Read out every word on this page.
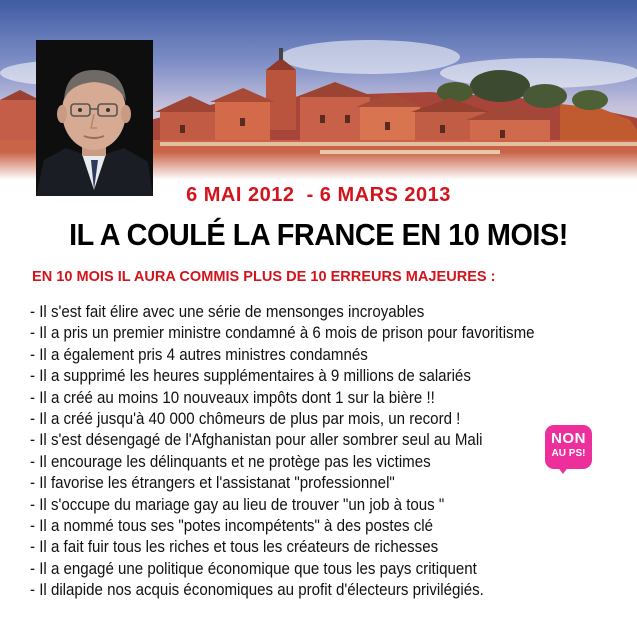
6 MAI 2012  - 6 MARS 2013
IL A COULÉ LA FRANCE EN 10 MOIS!
EN 10 MOIS IL AURA COMMIS PLUS DE 10 ERREURS MAJEURES :
- Il s'est fait élire avec une série de mensonges incroyables
- Il a pris un premier ministre condamné à 6 mois de prison pour favoritisme
- Il a également pris 4 autres ministres condamnés
- Il a supprimé les heures supplémentaires à 9 millions de salariés
- Il a créé au moins 10 nouveaux impôts dont 1 sur la bière !!
- Il a créé jusqu'à 40 000 chômeurs de plus par mois, un record !
- Il s'est désengagé de l'Afghanistan pour aller sombrer seul au Mali
- Il encourage les délinquants et ne protège pas les victimes
- Il favorise les étrangers et l'assistanat "professionnel"
- Il s'occupe du mariage gay au lieu de trouver "un job à tous "
- Il a nommé tous ses "potes incompétents" à des postes clé
- Il a fait fuir tous les riches et tous les créateurs de richesses
- Il a engagé une politique économique que tous les pays critiquent
- Il dilapide nos acquis économiques au profit d'électeurs privilégiés.
NON
AU PS!
